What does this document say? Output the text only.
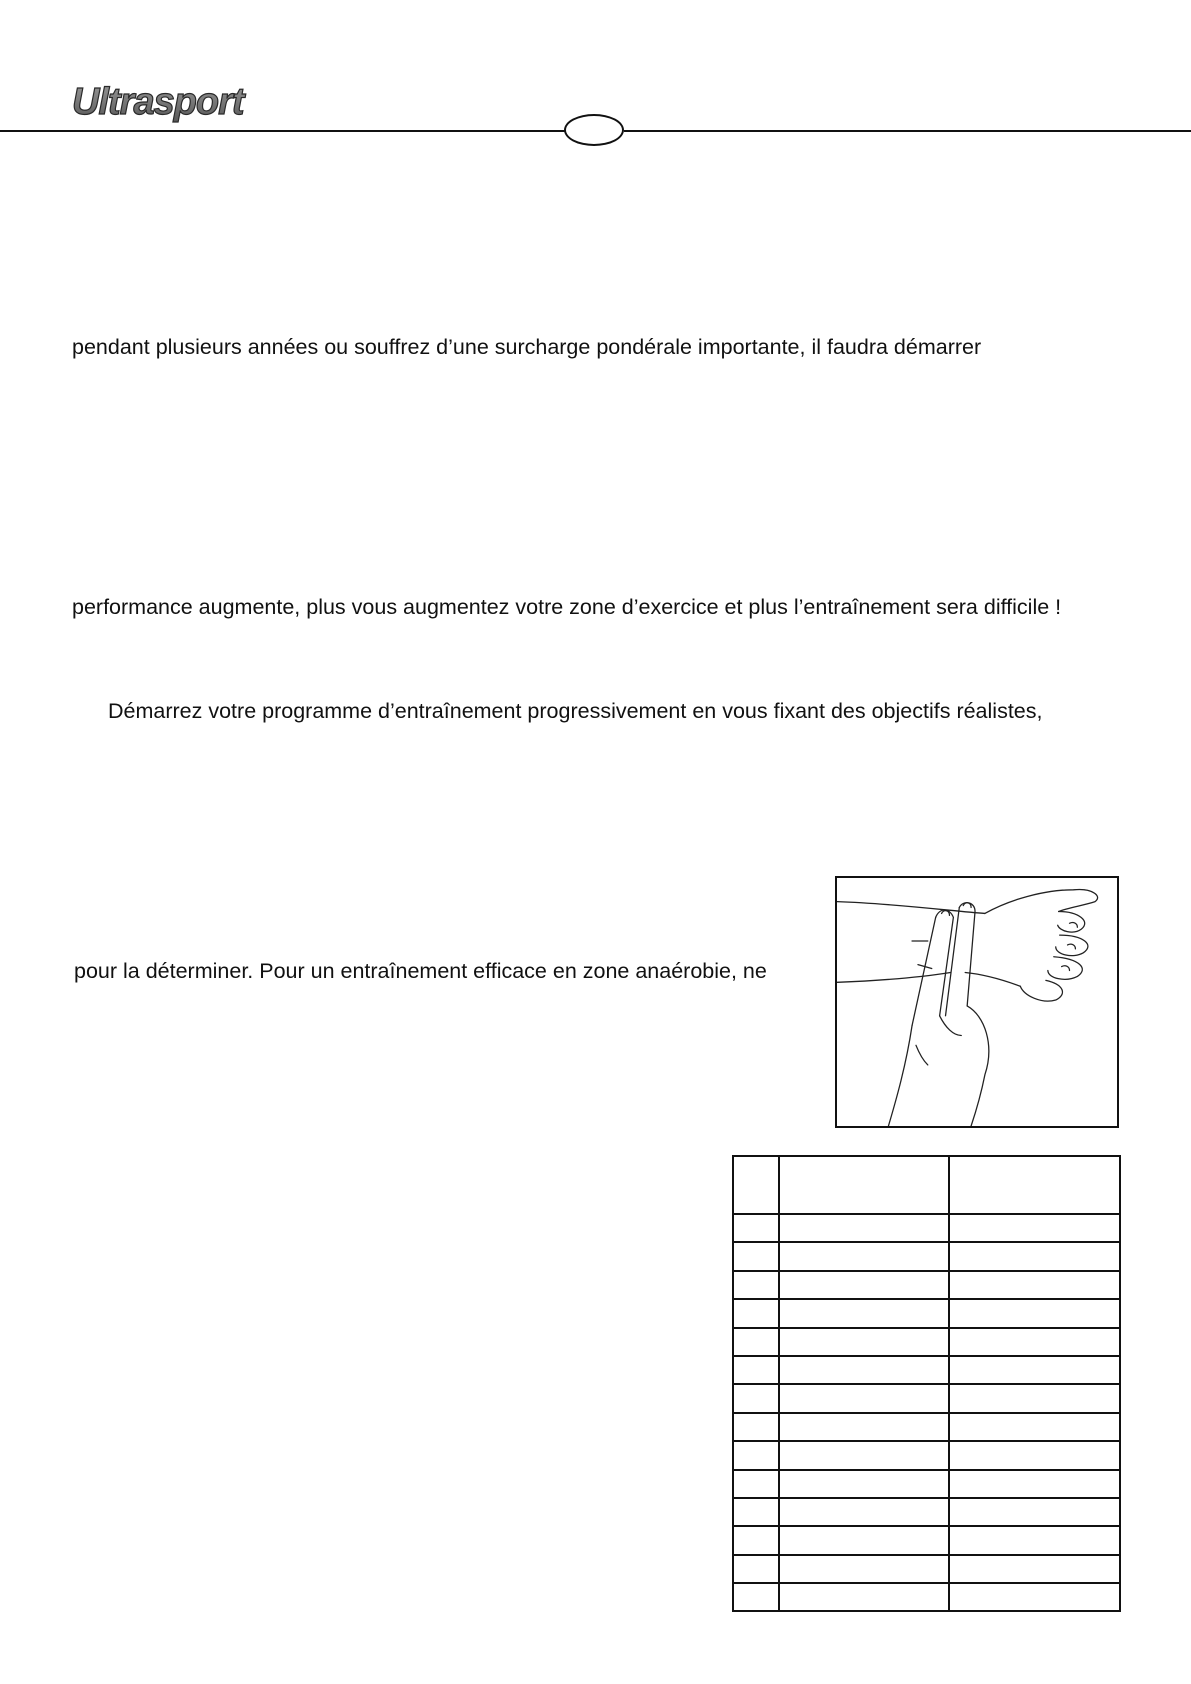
Ultrasport
pendant plusieurs années ou souffrez d’une surcharge pondérale importante, il faudra démarrer
performance augmente, plus vous augmentez votre zone d’exercice et plus l’entraînement sera difficile !
Démarrez votre programme d’entraînement progressivement en vous fixant des objectifs réalistes,
pour la déterminer. Pour un entraînement efficace en zone anaérobie, ne
